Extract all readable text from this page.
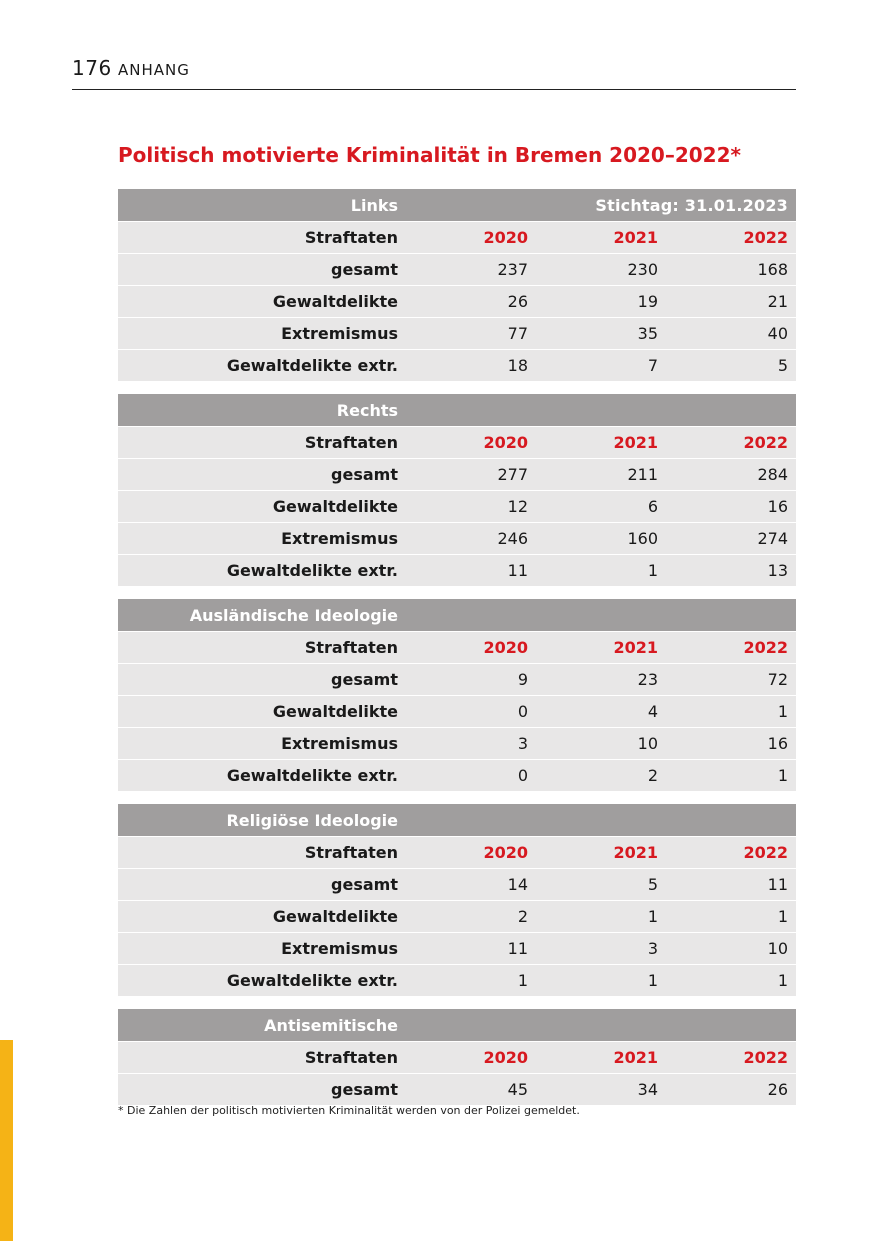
176 ANHANG
Politisch motivierte Kriminalität in Bremen 2020–2022*
Links	Stichtag: 31.01.2023
Straftaten	2020	2021	2022
gesamt	237	230	168
Gewaltdelikte	26	19	21
Extremismus	77	35	40
Gewaltdelikte extr.	18	7	5
Rechts
Straftaten	2020	2021	2022
gesamt	277	211	284
Gewaltdelikte	12	6	16
Extremismus	246	160	274
Gewaltdelikte extr.	11	1	13
Ausländische Ideologie
Straftaten	2020	2021	2022
gesamt	9	23	72
Gewaltdelikte	0	4	1
Extremismus	3	10	16
Gewaltdelikte extr.	0	2	1
Religiöse Ideologie
Straftaten	2020	2021	2022
gesamt	14	5	11
Gewaltdelikte	2	1	1
Extremismus	11	3	10
Gewaltdelikte extr.	1	1	1
Antisemitische
Straftaten	2020	2021	2022
gesamt	45	34	26
* Die Zahlen der politisch motivierten Kriminalität werden von der Polizei gemeldet.
